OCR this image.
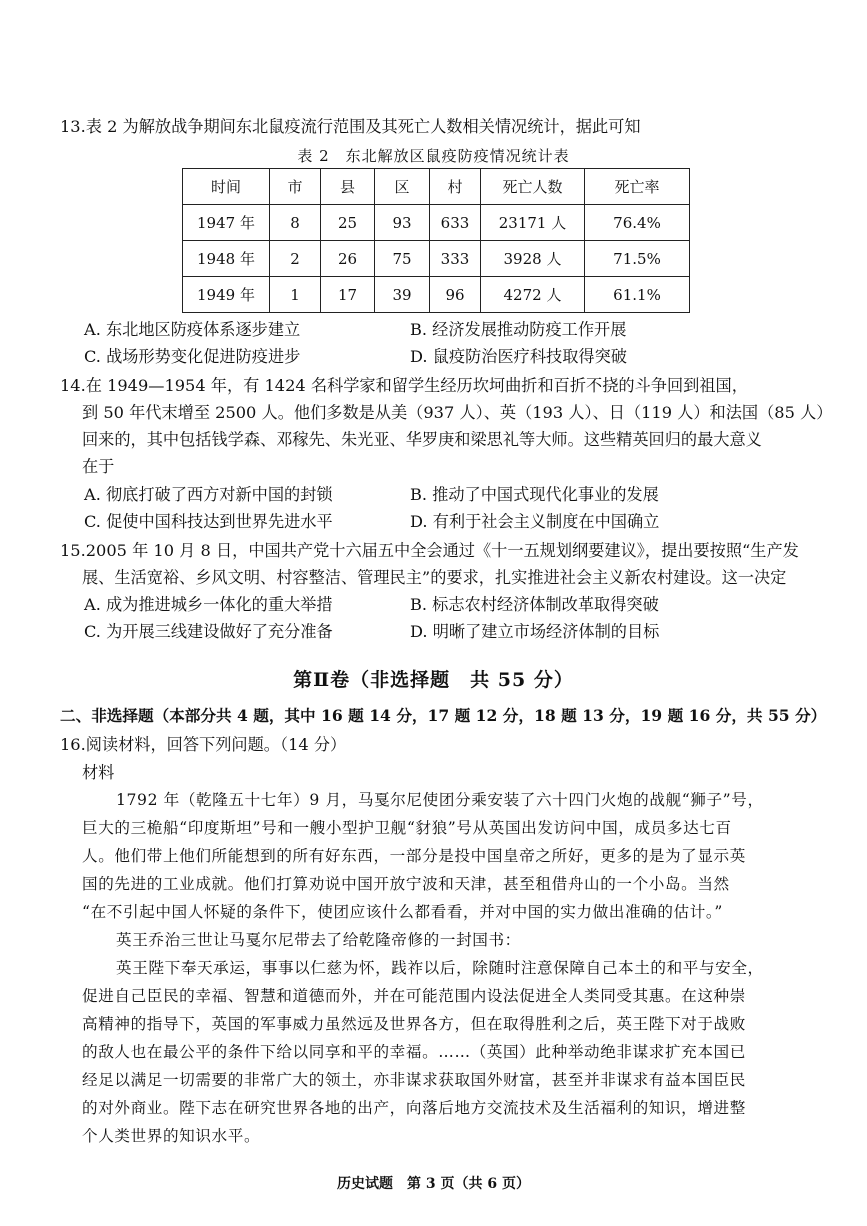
13.表 2 为解放战争期间东北鼠疫流行范围及其死亡人数相关情况统计，据此可知
表 2　东北解放区鼠疫防疫情况统计表
时间	市	县	区	村	死亡人数	死亡率
1947 年	8	25	93	633	23171 人	76.4%
1948 年	2	26	75	333	3928 人	71.5%
1949 年	1	17	39	96	4272 人	61.1%
A. 东北地区防疫体系逐步建立	B. 经济发展推动防疫工作开展
C. 战场形势变化促进防疫进步	D. 鼠疫防治医疗科技取得突破
14.在 1949—1954 年，有 1424 名科学家和留学生经历坎坷曲折和百折不挠的斗争回到祖国，
到 50 年代末增至 2500 人。他们多数是从美（937 人）、英（193 人）、日（119 人）和法国（85 人）
回来的，其中包括钱学森、邓稼先、朱光亚、华罗庚和梁思礼等大师。这些精英回归的最大意义
在于
A. 彻底打破了西方对新中国的封锁	B. 推动了中国式现代化事业的发展
C. 促使中国科技达到世界先进水平	D. 有利于社会主义制度在中国确立
15.2005 年 10 月 8 日，中国共产党十六届五中全会通过《十一五规划纲要建议》，提出要按照“生产发
展、生活宽裕、乡风文明、村容整洁、管理民主”的要求，扎实推进社会主义新农村建设。这一决定
A. 成为推进城乡一体化的重大举措	B. 标志农村经济体制改革取得突破
C. 为开展三线建设做好了充分准备	D. 明晰了建立市场经济体制的目标
第Ⅱ卷（非选择题　共 55 分）
二、非选择题（本部分共 4 题，其中 16 题 14 分，17 题 12 分，18 题 13 分，19 题 16 分，共 55 分）
16.阅读材料，回答下列问题。（14 分）
材料
1792 年（乾隆五十七年）9 月，马戛尔尼使团分乘安装了六十四门火炮的战舰“狮子”号，
巨大的三桅船“印度斯坦”号和一艘小型护卫舰“豺狼”号从英国出发访问中国，成员多达七百
人。他们带上他们所能想到的所有好东西，一部分是投中国皇帝之所好，更多的是为了显示英
国的先进的工业成就。他们打算劝说中国开放宁波和天津，甚至租借舟山的一个小岛。当然
“在不引起中国人怀疑的条件下，使团应该什么都看看，并对中国的实力做出准确的估计。”
英王乔治三世让马戛尔尼带去了给乾隆帝修的一封国书：
英王陛下奉天承运，事事以仁慈为怀，践祚以后，除随时注意保障自己本土的和平与安全，
促进自己臣民的幸福、智慧和道德而外，并在可能范围内设法促进全人类同受其惠。在这种崇
高精神的指导下，英国的军事威力虽然远及世界各方，但在取得胜利之后，英王陛下对于战败
的敌人也在最公平的条件下给以同享和平的幸福。……（英国）此种举动绝非谋求扩充本国已
经足以满足一切需要的非常广大的领土，亦非谋求获取国外财富，甚至并非谋求有益本国臣民
的对外商业。陛下志在研究世界各地的出产，向落后地方交流技术及生活福利的知识，增进整
个人类世界的知识水平。
历史试题　第 3 页（共 6 页）
